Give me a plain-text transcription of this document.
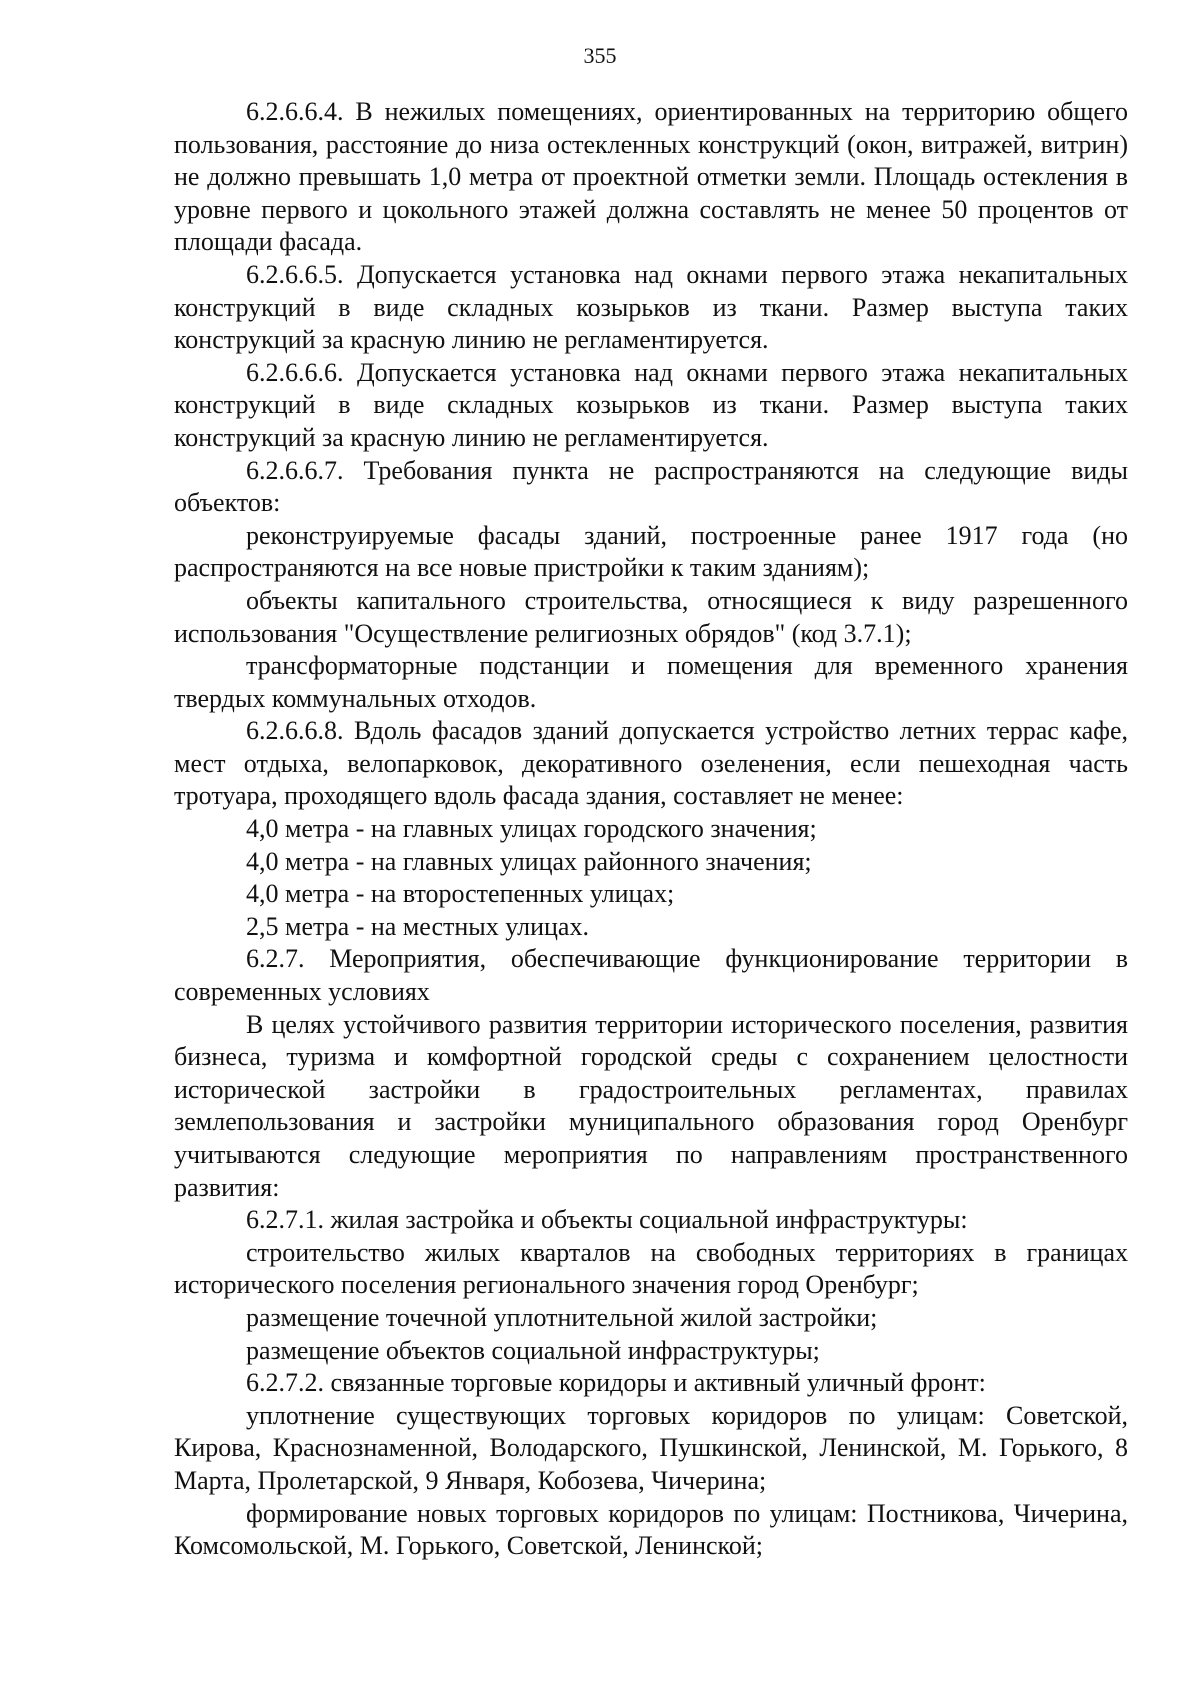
355

6.2.6.6.4. В нежилых помещениях, ориентированных на территорию общего пользования, расстояние до низа остекленных конструкций (окон, витражей, витрин) не должно превышать 1,0 метра от проектной отметки земли. Площадь остекления в уровне первого и цокольного этажей должна составлять не менее 50 процентов от площади фасада.

6.2.6.6.5. Допускается установка над окнами первого этажа некапитальных конструкций в виде складных козырьков из ткани. Размер выступа таких конструкций за красную линию не регламентируется.

6.2.6.6.6. Допускается установка над окнами первого этажа некапитальных конструкций в виде складных козырьков из ткани. Размер выступа таких конструкций за красную линию не регламентируется.

6.2.6.6.7. Требования пункта не распространяются на следующие виды объектов:

реконструируемые фасады зданий, построенные ранее 1917 года (но распространяются на все новые пристройки к таким зданиям);

объекты капитального строительства, относящиеся к виду разрешенного использования "Осуществление религиозных обрядов" (код 3.7.1);

трансформаторные подстанции и помещения для временного хранения твердых коммунальных отходов.

6.2.6.6.8. Вдоль фасадов зданий допускается устройство летних террас кафе, мест отдыха, велопарковок, декоративного озеленения, если пешеходная часть тротуара, проходящего вдоль фасада здания, составляет не менее:

4,0 метра - на главных улицах городского значения;

4,0 метра - на главных улицах районного значения;

4,0 метра - на второстепенных улицах;

2,5 метра - на местных улицах.

6.2.7. Мероприятия, обеспечивающие функционирование территории в современных условиях

В целях устойчивого развития территории исторического поселения, развития бизнеса, туризма и комфортной городской среды с сохранением целостности исторической застройки в градостроительных регламентах, правилах землепользования и застройки муниципального образования город Оренбург учитываются следующие мероприятия по направлениям пространственного развития:

6.2.7.1. жилая застройка и объекты социальной инфраструктуры:

строительство жилых кварталов на свободных территориях в границах исторического поселения регионального значения город Оренбург;

размещение точечной уплотнительной жилой застройки;

размещение объектов социальной инфраструктуры;

6.2.7.2. связанные торговые коридоры и активный уличный фронт:

уплотнение существующих торговых коридоров по улицам: Советской, Кирова, Краснознаменной, Володарского, Пушкинской, Ленинской, М. Горького, 8 Марта, Пролетарской, 9 Января, Кобозева, Чичерина;

формирование новых торговых коридоров по улицам: Постникова, Чичерина, Комсомольской, М. Горького, Советской, Ленинской;
